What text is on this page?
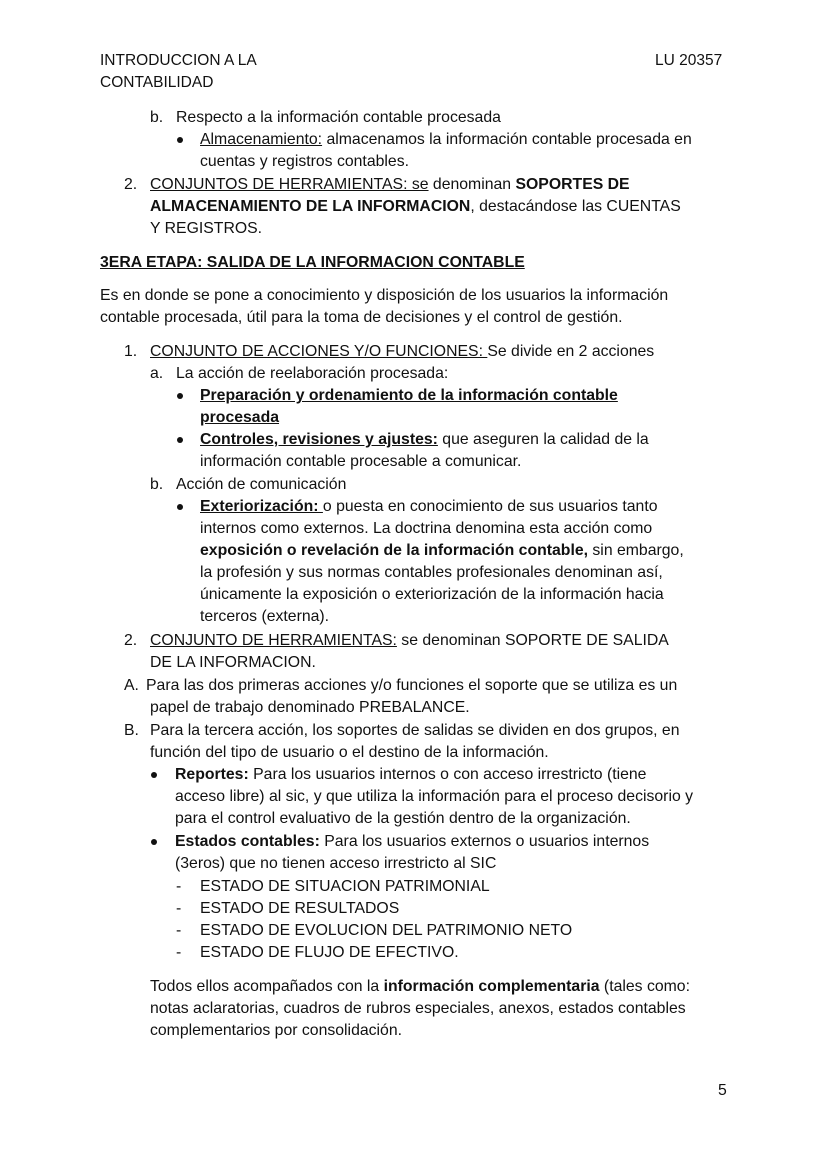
INTRODUCCION A LA
CONTABILIDAD
LU 20357
b. Respecto a la información contable procesada
Almacenamiento: almacenamos la información contable procesada en
cuentas y registros contables.
2. CONJUNTOS DE HERRAMIENTAS: se denominan SOPORTES DE
ALMACENAMIENTO DE LA INFORMACION, destacándose las CUENTAS
Y REGISTROS.
3ERA ETAPA: SALIDA DE LA INFORMACION CONTABLE
Es en donde se pone a conocimiento y disposición de los usuarios la información
contable procesada, útil para la toma de decisiones y el control de gestión.
1. CONJUNTO DE ACCIONES Y/O FUNCIONES: Se divide en 2 acciones
a. La acción de reelaboración procesada:
Preparación y ordenamiento de la información contable
procesada
Controles, revisiones y ajustes: que aseguren la calidad de la
información contable procesable a comunicar.
b. Acción de comunicación
Exteriorización: o puesta en conocimiento de sus usuarios tanto
internos como externos. La doctrina denomina esta acción como
exposición o revelación de la información contable, sin embargo,
la profesión y sus normas contables profesionales denominan así,
únicamente la exposición o exteriorización de la información hacia
terceros (externa).
2. CONJUNTO DE HERRAMIENTAS: se denominan SOPORTE DE SALIDA
DE LA INFORMACION.
A. Para las dos primeras acciones y/o funciones el soporte que se utiliza es un
papel de trabajo denominado PREBALANCE.
B. Para la tercera acción, los soportes de salidas se dividen en dos grupos, en
función del tipo de usuario o el destino de la información.
Reportes: Para los usuarios internos o con acceso irrestricto (tiene
acceso libre) al sic, y que utiliza la información para el proceso decisorio y
para el control evaluativo de la gestión dentro de la organización.
Estados contables: Para los usuarios externos o usuarios internos
(3eros) que no tienen acceso irrestricto al SIC
- ESTADO DE SITUACION PATRIMONIAL
- ESTADO DE RESULTADOS
- ESTADO DE EVOLUCION DEL PATRIMONIO NETO
- ESTADO DE FLUJO DE EFECTIVO.
Todos ellos acompañados con la información complementaria (tales como:
notas aclaratorias, cuadros de rubros especiales, anexos, estados contables
complementarios por consolidación.
5
